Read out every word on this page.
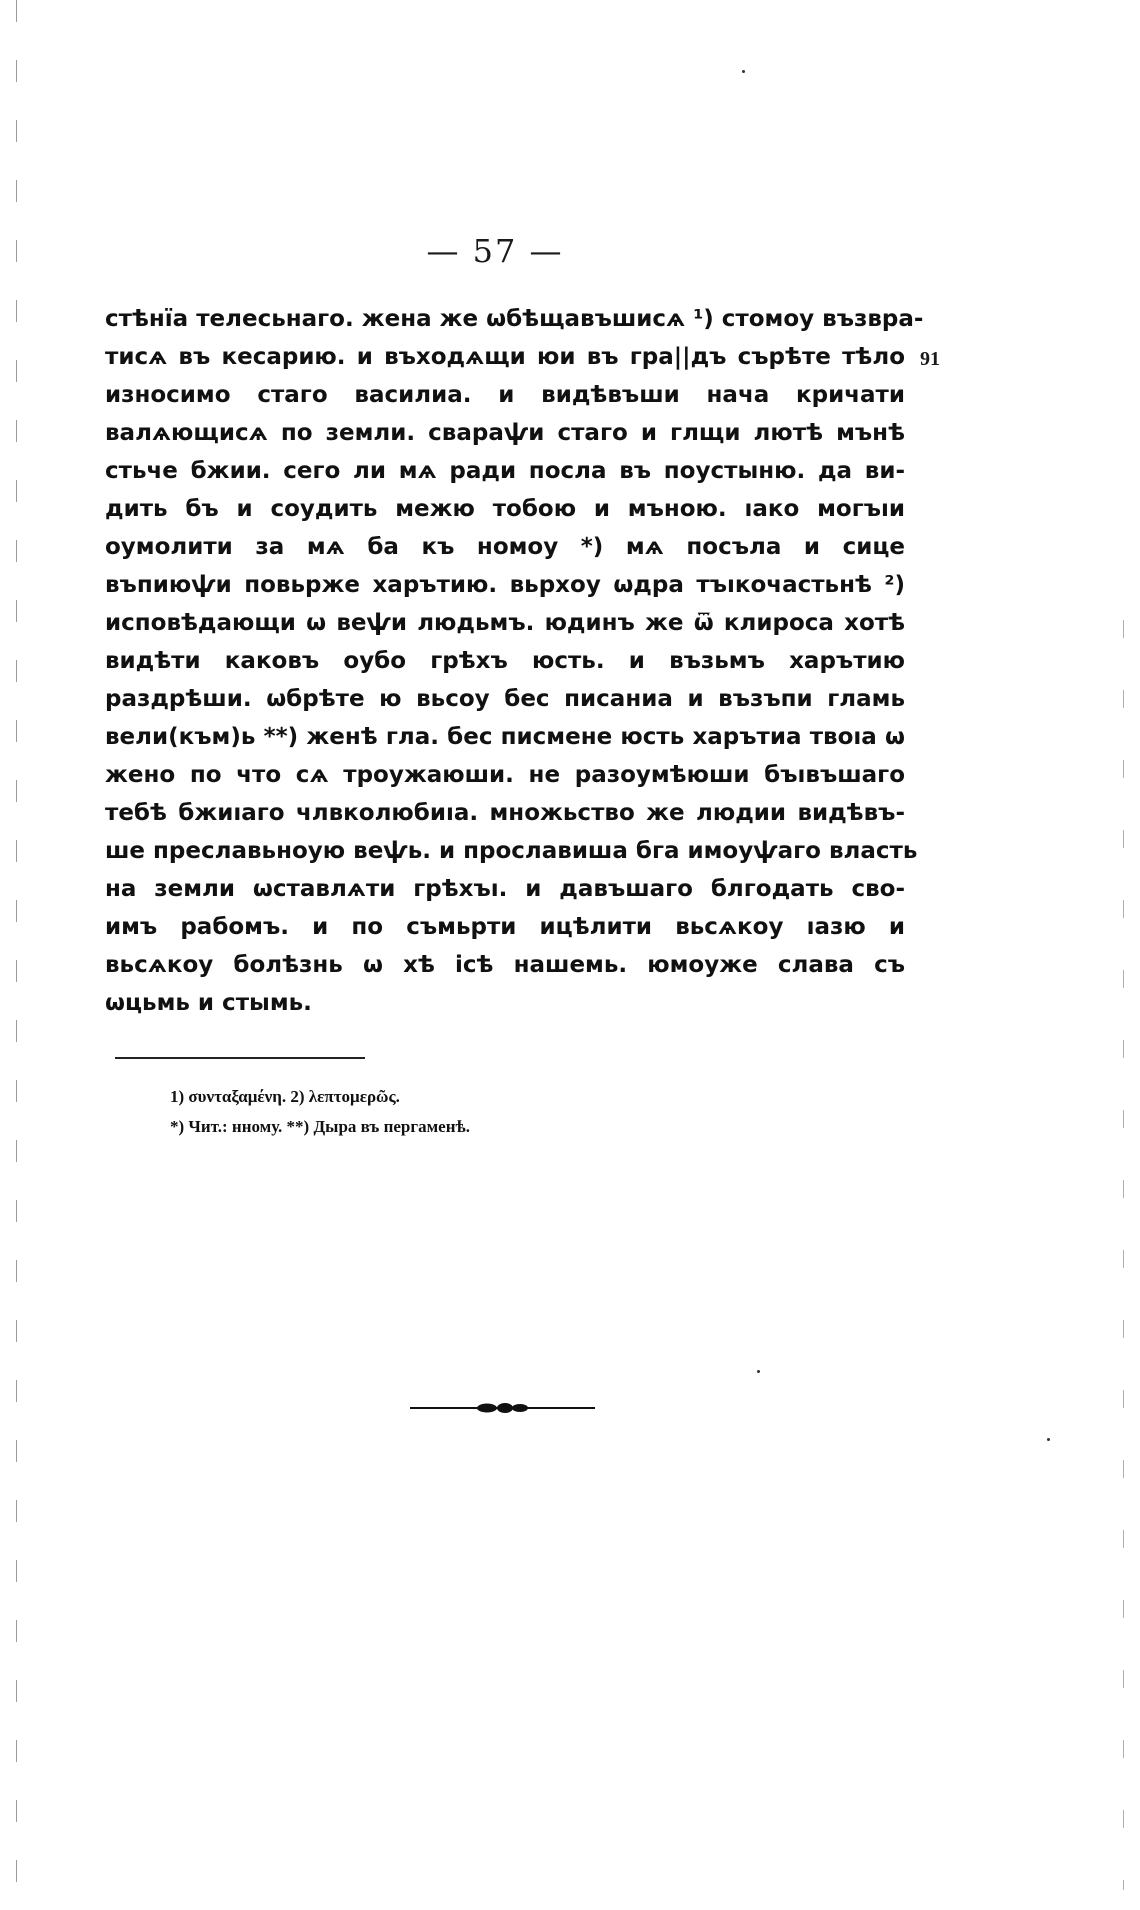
— 57 —
91
стѣнїа телесьнаго. жена же ѡбѣщавъшисѧ ¹) стомоу възвра-
тисѧ въ кесарию. и въходѧщи юи въ гра||дъ сърѣте тѣло
износимо стаго василиа. и видѣвъши нача кричати
валѧющисѧ по земли. свараѱи стаго и глщи лютѣ мънѣ
стьче бжии. сего ли мѧ ради посла въ поустыню. да ви-
дить бъ и соудить межю тобою и мъною. ıако могъıи
оумолити за мѧ ба къ номоу *) мѧ посъла и сице
въпиюѱи повьрже харътию. вьрхоу ѡдра тъıкочастьнѣ ²)
исповѣдающи ѡ веѱи людьмъ. юдинъ же ѿ клироса хотѣ
видѣти каковъ оубо грѣхъ юсть. и възьмъ харътию
раздрѣши. ѡбрѣте ю вьсоу бес писаниа и възъпи гламь
вели(към)ь **) женѣ гла. бес писмене юсть харътиа твоıа ѡ
жено по что сѧ троужаюши. не разоумѣюши бъıвъшаго
тебѣ бжиıаго члвколюбиıа. множьство же людии видѣвъ-
ше преславьноую веѱь. и прославиша бга имоуѱаго власть
на земли ѡставлѧти грѣхъı. и давъшаго блгодать сво-
имъ рабомъ. и по съмьрти ицѣлити вьсѧкоу ıазю и
вьсѧкоу болѣзнь ѡ хѣ ісѣ нашемь. юмоуже слава съ
ѡцьмь и стымь.
1) συνταξαμένη. 2) λεπτομερῶς.
*) Чит.: нному. **) Дыра въ пергаменѣ.
